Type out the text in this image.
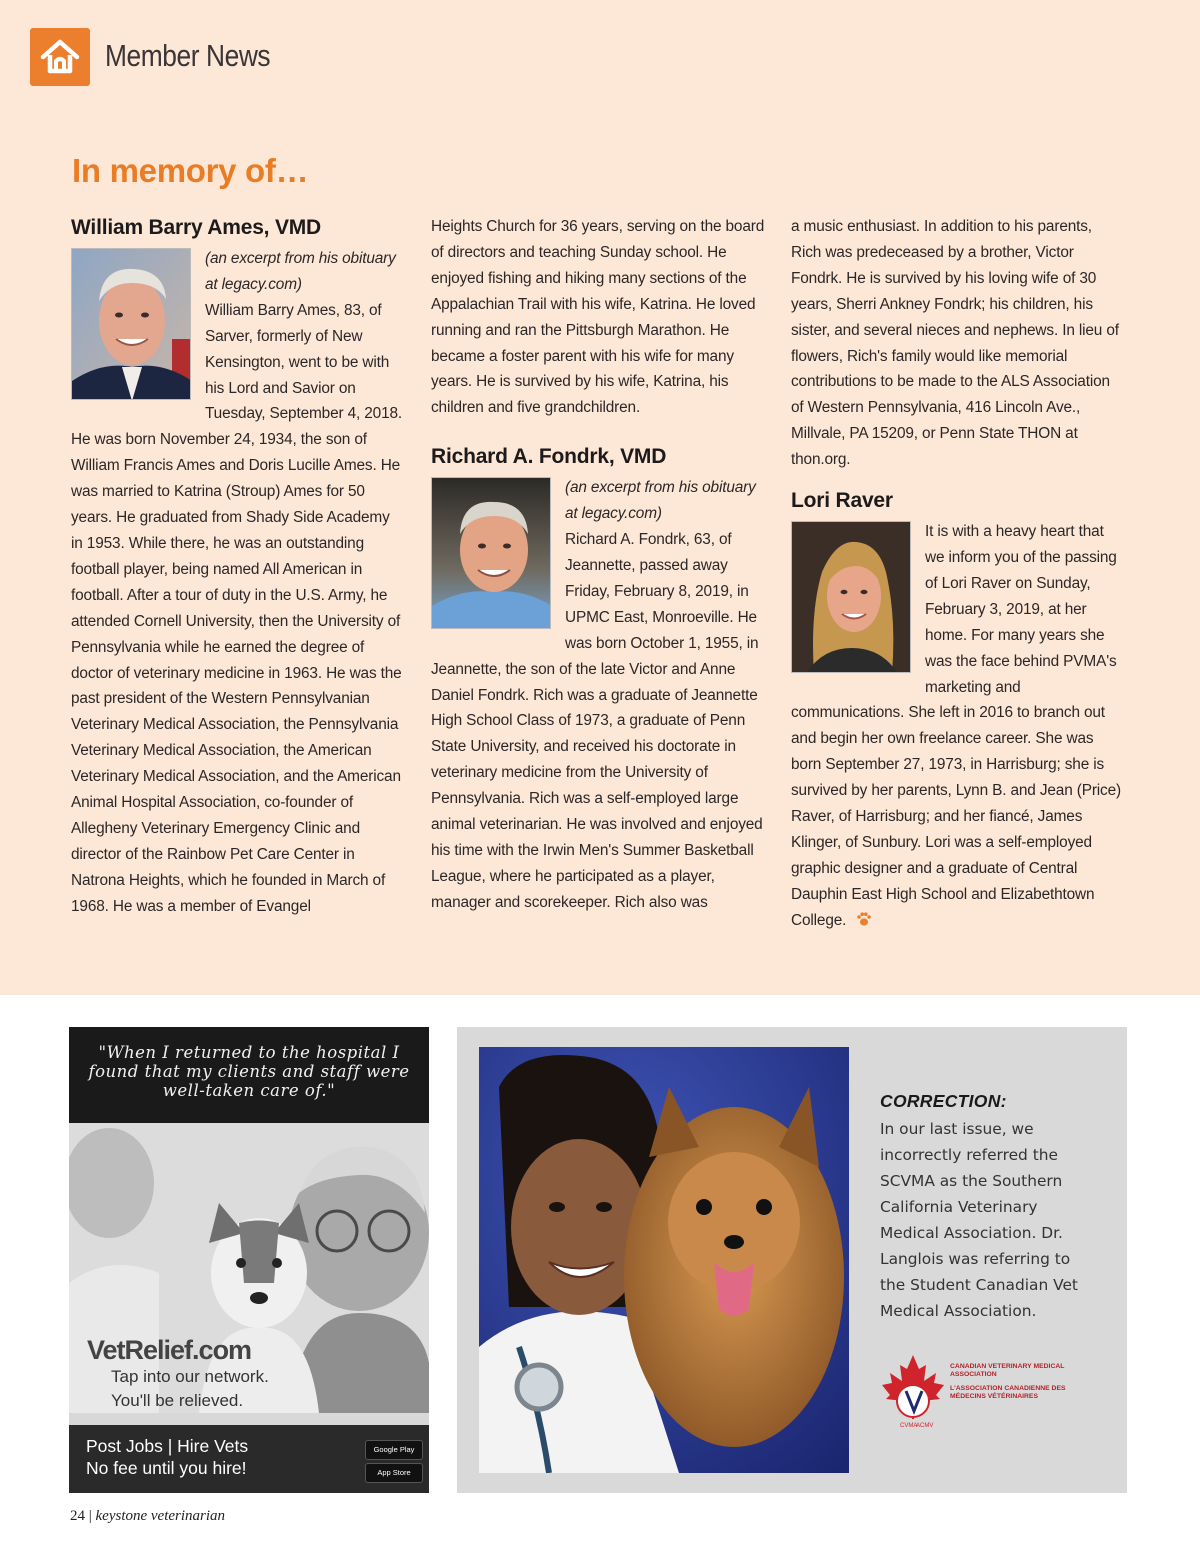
Member News
In memory of…
William Barry Ames, VMD
(an excerpt from his obituary at legacy.com)
William Barry Ames, 83, of Sarver, formerly of New Kensington, went to be with his Lord and Savior on Tuesday, September 4, 2018. He was born November 24, 1934, the son of William Francis Ames and Doris Lucille Ames. He was married to Katrina (Stroup) Ames for 50 years. He graduated from Shady Side Academy in 1953. While there, he was an outstanding football player, being named All American in football. After a tour of duty in the U.S. Army, he attended Cornell University, then the University of Pennsylvania while he earned the degree of doctor of veterinary medicine in 1963. He was the past president of the Western Pennsylvanian Veterinary Medical Association, the Pennsylvania Veterinary Medical Association, the American Veterinary Medical Association, and the American Animal Hospital Association, co-founder of Allegheny Veterinary Emergency Clinic and director of the Rainbow Pet Care Center in Natrona Heights, which he founded in March of 1968. He was a member of Evangel
Heights Church for 36 years, serving on the board of directors and teaching Sunday school. He enjoyed fishing and hiking many sections of the Appalachian Trail with his wife, Katrina. He loved running and ran the Pittsburgh Marathon. He became a foster parent with his wife for many years. He is survived by his wife, Katrina, his children and five grandchildren.
Richard A. Fondrk, VMD
(an excerpt from his obituary at legacy.com)
Richard A. Fondrk, 63, of Jeannette, passed away Friday, February 8, 2019, in UPMC East, Monroeville. He was born October 1, 1955, in Jeannette, the son of the late Victor and Anne Daniel Fondrk. Rich was a graduate of Jeannette High School Class of 1973, a graduate of Penn State University, and received his doctorate in veterinary medicine from the University of Pennsylvania. Rich was a self-employed large animal veterinarian. He was involved and enjoyed his time with the Irwin Men's Summer Basketball League, where he participated as a player, manager and scorekeeper. Rich also was
a music enthusiast. In addition to his parents, Rich was predeceased by a brother, Victor Fondrk. He is survived by his loving wife of 30 years, Sherri Ankney Fondrk; his children, his sister, and several nieces and nephews. In lieu of flowers, Rich's family would like memorial contributions to be made to the ALS Association of Western Pennsylvania, 416 Lincoln Ave., Millvale, PA 15209, or Penn State THON at thon.org.
Lori Raver
It is with a heavy heart that we inform you of the passing of Lori Raver on Sunday, February 3, 2019, at her home. For many years she was the face behind PVMA's marketing and communications. She left in 2016 to branch out and begin her own freelance career. She was born September 27, 1973, in Harrisburg; she is survived by her parents, Lynn B. and Jean (Price) Raver, of Harrisburg; and her fiancé, James Klinger, of Sunbury. Lori was a self-employed graphic designer and a graduate of Central Dauphin East High School and Elizabethtown College.
"When I returned to the hospital I found that my clients and staff were well-taken care of."
VetRelief.com
Tap into our network.
You'll be relieved.
Post Jobs | Hire Vets
No fee until you hire!
Google Play
App Store
CORRECTION:
In our last issue, we incorrectly referred the SCVMA as the Southern California Veterinary Medical Association. Dr. Langlois was referring to the Student Canadian Vet Medical Association.
CVMA
ACMV
CANADIAN VETERINARY MEDICAL ASSOCIATION
L'ASSOCIATION CANADIENNE DES MÉDECINS VÉTÉRINAIRES
24 | keystone veterinarian
